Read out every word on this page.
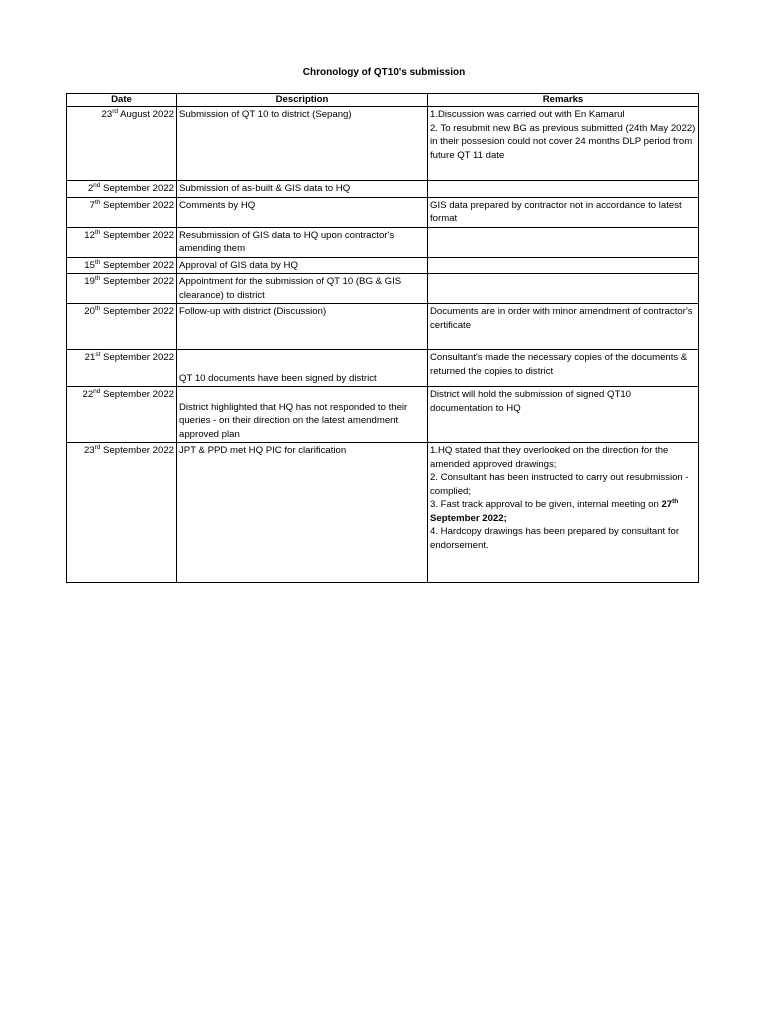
Chronology of QT10's submission
Date	Description	Remarks
23rd August 2022	Submission of QT 10 to district (Sepang)	1.Discussion was carried out with En Kamarul
2. To resubmit new BG as previous submitted (24th May 2022) in their possesion could not cover 24 months DLP period from future QT 11 date

2nd September 2022	Submission of as-built & GIS data to HQ	
7th September 2022	Comments by HQ	GIS data prepared by contractor not in accordance to latest format

12th September 2022	Resubmission of GIS data to HQ upon contractor's amending them	
15th September 2022	Approval of GIS data by HQ	
19th September 2022	Appointment for the submission of QT 10 (BG & GIS clearance) to district	
20th September 2022	Follow-up with district (Discussion)	Documents are in order with minor amendment of contractor's certificate

21st September 2022	QT 10 documents have been signed by district	Consultant's made the necessary copies of the documents & returned the copies to district

22nd September 2022	District highlighted that HQ has not responded to their queries - on their direction on the latest amendment approved plan	District will hold the submission of signed QT10 documentation to HQ

23rd September 2022	JPT & PPD met HQ PIC for clarification	1.HQ stated that they overlooked on the direction for the amended approved drawings;
2. Consultant has been instructed to carry out resubmission -complied;
3. Fast track approval to be given, internal meeting on 27th September 2022;
4. Hardcopy drawings has been prepared by consultant for endorsement.
